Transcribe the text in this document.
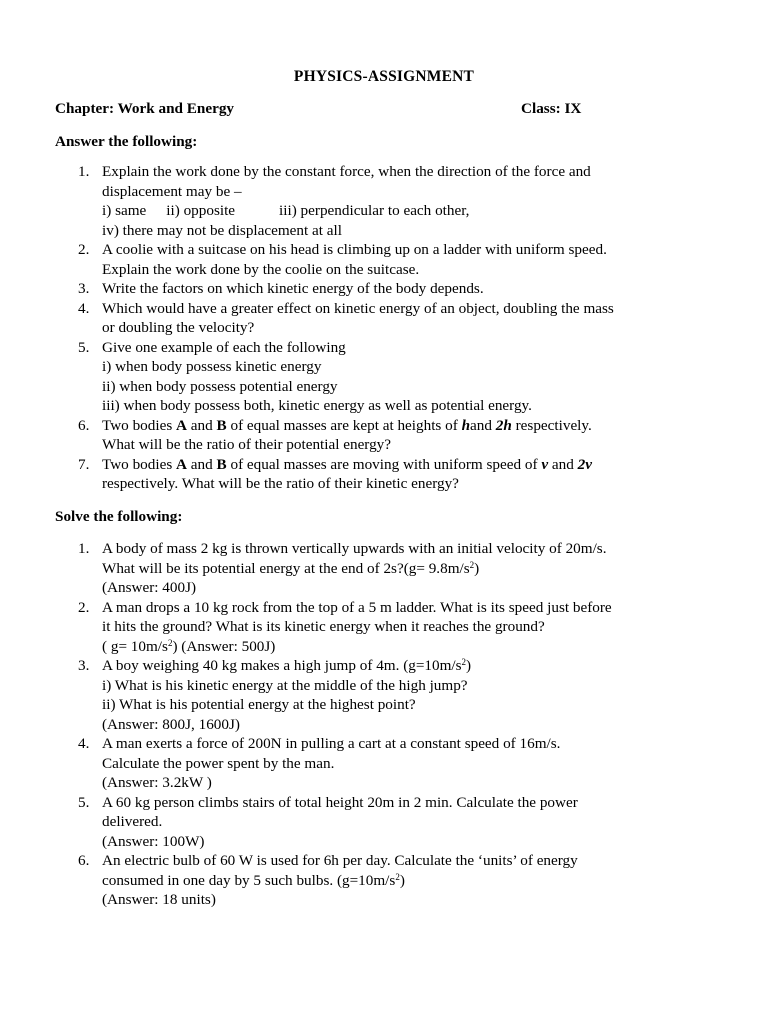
PHYSICS-ASSIGNMENT
Chapter: Work and Energy	Class: IX
Answer the following:
1. Explain the work done by the constant force, when the direction of the force and
displacement may be –
i) same ii) opposite	iii) perpendicular to each other,
iv) there may not be displacement at all
2. A coolie with a suitcase on his head is climbing up on a ladder with uniform speed.
Explain the work done by the coolie on the suitcase.
3. Write the factors on which kinetic energy of the body depends.
4. Which would have a greater effect on kinetic energy of an object, doubling the mass
or doubling the velocity?
5. Give one example of each the following
i) when body possess kinetic energy
ii) when body possess potential energy
iii) when body possess both, kinetic energy as well as potential energy.
6. Two bodies A and B of equal masses are kept at heights of hand 2h respectively.
What will be the ratio of their potential energy?
7. Two bodies A and B of equal masses are moving with uniform speed of v and 2v
respectively. What will be the ratio of their kinetic energy?
Solve the following:
1. A body of mass 2 kg is thrown vertically upwards with an initial velocity of 20m/s.
What will be its potential energy at the end of 2s?(g= $9.8m/s^2$)
(Answer: 400J)
2. A man drops a 10 kg rock from the top of a 5 m ladder. What is its speed just before
it hits the ground? What is its kinetic energy when it reaches the ground?
( $g= 10m/s^2$) (Answer: 500J)
3. A boy weighing 40 kg makes a high jump of 4m. $(g=10m/s^2)$
i) What is his kinetic energy at the middle of the high jump?
ii) What is his potential energy at the highest point?
(Answer: 800J, 1600J)
4. A man exerts a force of 200N in pulling a cart at a constant speed of 16m/s.
Calculate the power spent by the man.
(Answer: 3.2kW )
5. A 60 kg person climbs stairs of total height 20m in 2 min. Calculate the power
delivered.
(Answer: 100W)
6. An electric bulb of 60 W is used for 6h per day. Calculate the ‘units’ of energy
consumed in one day by 5 such bulbs. $(g=10m/s^2)$
(Answer: 18 units)
